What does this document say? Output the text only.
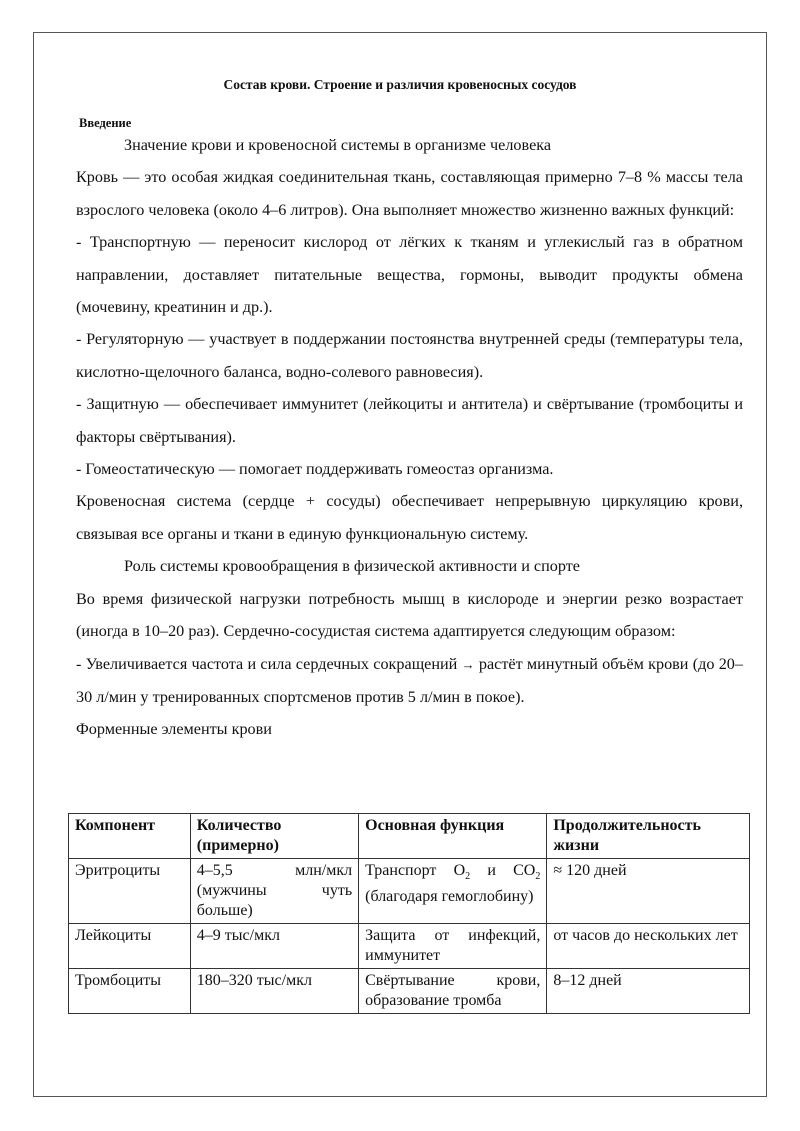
Состав крови. Строение и различия кровеносных сосудов
Введение

Значение крови и кровеносной системы в организме человека

Кровь — это особая жидкая соединительная ткань, составляющая примерно 7–8 % массы тела взрослого человека (около 4–6 литров). Она выполняет множество жизненно важных функций:

- Транспортную — переносит кислород от лёгких к тканям и углекислый газ в обратном направлении, доставляет питательные вещества, гормоны, выводит продукты обмена (мочевину, креатинин и др.).

- Регуляторную — участвует в поддержании постоянства внутренней среды (температуры тела, кислотно-щелочного баланса, водно-солевого равновесия).

- Защитную — обеспечивает иммунитет (лейкоциты и антитела) и свёртывание (тромбоциты и факторы свёртывания).

- Гомеостатическую — помогает поддерживать гомеостаз организма.

Кровеносная система (сердце + сосуды) обеспечивает непрерывную циркуляцию крови, связывая все органы и ткани в единую функциональную систему.

Роль системы кровообращения в физической активности и спорте

Во время физической нагрузки потребность мышц в кислороде и энергии резко возрастает (иногда в 10–20 раз). Сердечно-сосудистая система адаптируется следующим образом:

- Увеличивается частота и сила сердечных сокращений → растёт минутный объём крови (до 20–30 л/мин у тренированных спортсменов против 5 л/мин в покое).

Форменные элементы крови

Компонент	Количество (примерно)	Основная функция	Продолжительность жизни
Эритроциты	4–5,5 млн/мкл (мужчины чуть больше)	Транспорт $O_2$ и $CO_2$ (благодаря гемоглобину)	≈ 120 дней
Лейкоциты	4–9 тыс/мкл	Защита от инфекций, иммунитет	от часов до нескольких лет
Тромбоциты	180–320 тыс/мкл	Свёртывание крови, образование тромба	8–12 дней
